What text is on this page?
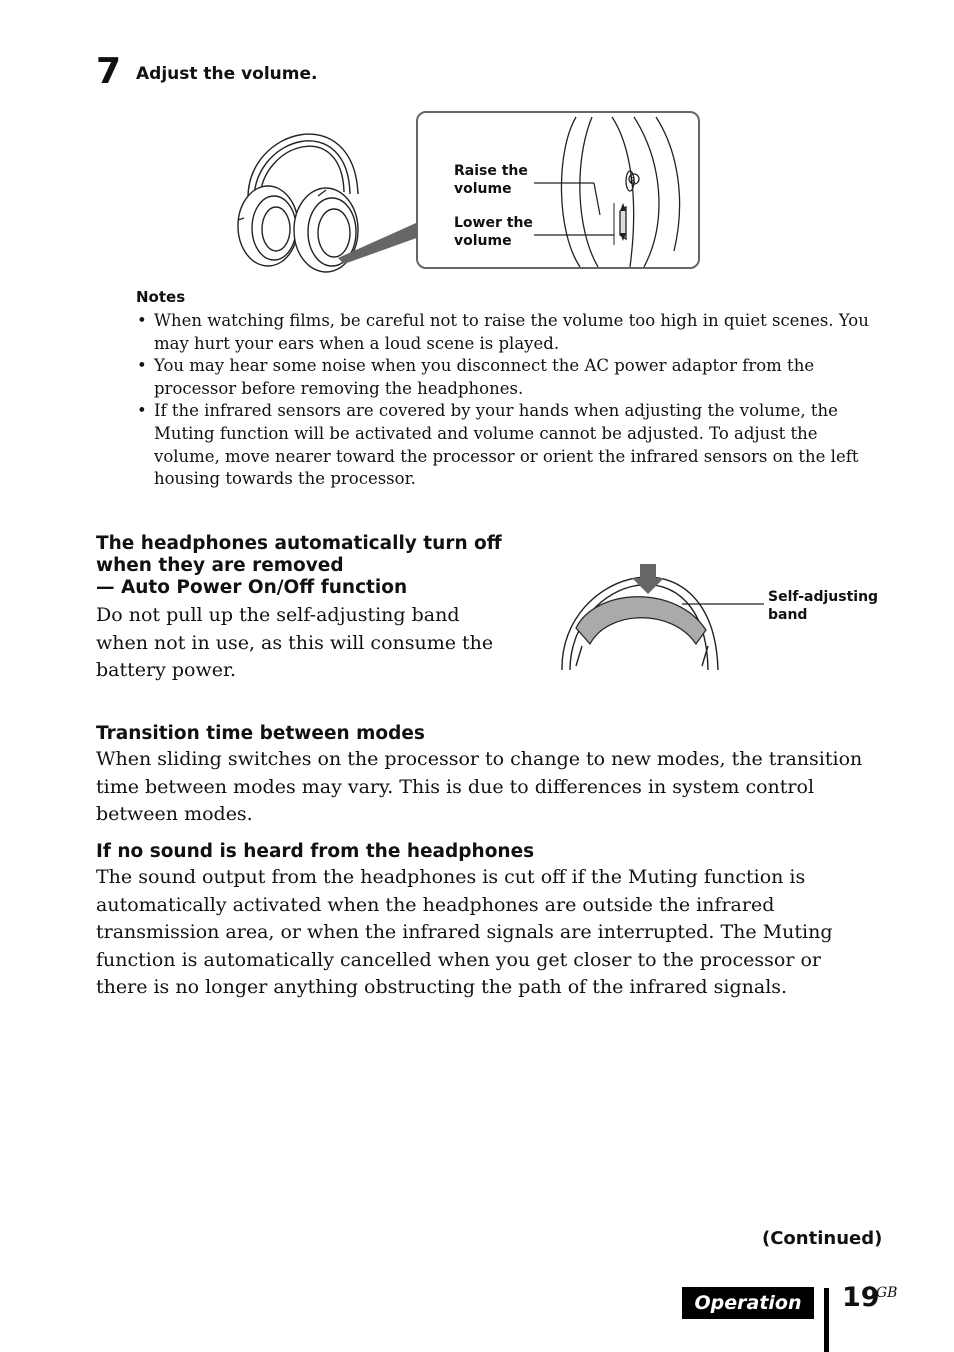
7 Adjust the volume.
R
Raise the
volume
Lower the
volume
Notes
• When watching films, be careful not to raise the volume too high in quiet scenes. You may hurt your ears when a loud scene is played.
• You may hear some noise when you disconnect the AC power adaptor from the processor before removing the headphones.
• If the infrared sensors are covered by your hands when adjusting the volume, the Muting function will be activated and volume cannot be adjusted. To adjust the volume, move nearer toward the processor or orient the infrared sensors on the left housing towards the processor.
The headphones automatically turn off
when they are removed
— Auto Power On/Off function
Do not pull up the self-adjusting band when not in use, as this will consume the battery power.
Self-adjusting
band
Transition time between modes
When sliding switches on the processor to change to new modes, the transition time between modes may vary. This is due to differences in system control between modes.
If no sound is heard from the headphones
The sound output from the headphones is cut off if the Muting function is automatically activated when the headphones are outside the infrared transmission area, or when the infrared signals are interrupted. The Muting function is automatically cancelled when you get closer to the processor or there is no longer anything obstructing the path of the infrared signals.
(Continued)
Operation	19
GB
